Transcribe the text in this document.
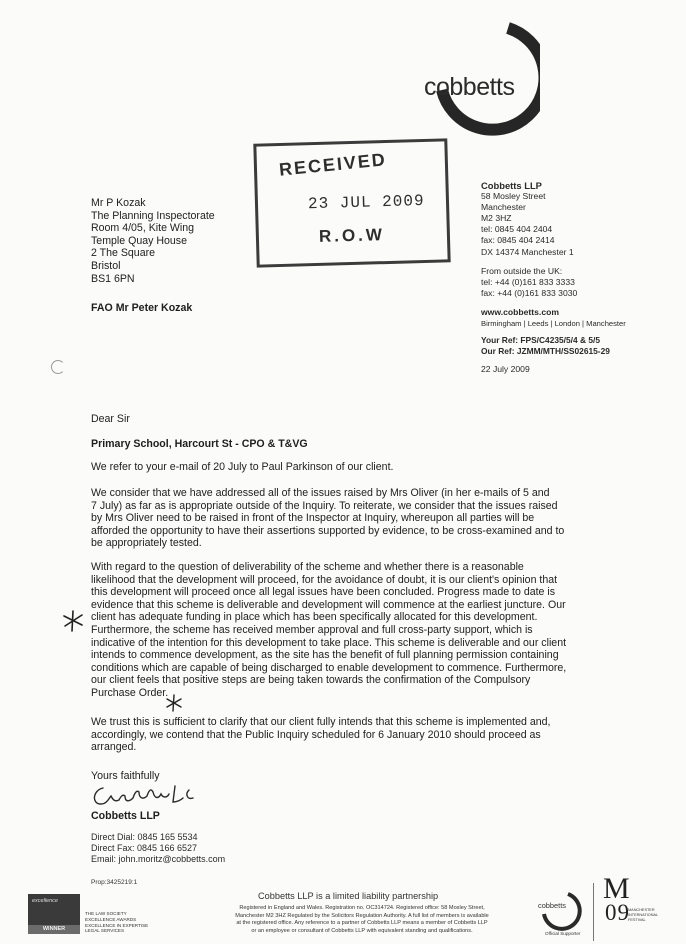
cobbetts
RECEIVED
23 JUL 2009
R.O.W
Mr P Kozak
The Planning Inspectorate
Room 4/05, Kite Wing
Temple Quay House
2 The Square
Bristol
BS1 6PN
FAO Mr Peter Kozak
Cobbetts LLP
58 Mosley Street
Manchester
M2 3HZ
tel: 0845 404 2404
fax: 0845 404 2414
DX 14374 Manchester 1
From outside the UK:
tel: +44 (0)161 833 3333
fax: +44 (0)161 833 3030
www.cobbetts.com
Birmingham | Leeds | London | Manchester
Your Ref: FPS/C4235/5/4 & 5/5
Our Ref: JZMM/MTH/SS02615-29
22 July 2009
Dear Sir
Primary School, Harcourt St - CPO & T&VG
We refer to your e-mail of 20 July to Paul Parkinson of our client.
We consider that we have addressed all of the issues raised by Mrs Oliver (in her e-mails of 5 and
7 July) as far as is appropriate outside of the Inquiry. To reiterate, we consider that the issues raised
by Mrs Oliver need to be raised in front of the Inspector at Inquiry, whereupon all parties will be
afforded the opportunity to have their assertions supported by evidence, to be cross-examined and to
be appropriately tested.
With regard to the question of deliverability of the scheme and whether there is a reasonable
likelihood that the development will proceed, for the avoidance of doubt, it is our client's opinion that
this development will proceed once all legal issues have been concluded. Progress made to date is
evidence that this scheme is deliverable and development will commence at the earliest juncture. Our
client has adequate funding in place which has been specifically allocated for this development.
Furthermore, the scheme has received member approval and full cross-party support, which is
indicative of the intention for this development to take place. This scheme is deliverable and our client
intends to commence development, as the site has the benefit of full planning permission containing
conditions which are capable of being discharged to enable development to commence. Furthermore,
our client feels that positive steps are being taken towards the confirmation of the Compulsory
Purchase Order.
We trust this is sufficient to clarify that our client fully intends that this scheme is implemented and,
accordingly, we contend that the Public Inquiry scheduled for 6 January 2010 should proceed as
arranged.
Yours faithfully
Cobbetts LLP
Direct Dial: 0845 165 5534
Direct Fax: 0845 166 6527
Email: john.moritz@cobbetts.com
Prop:3425219:1
excellence
WINNER
THE LAW SOCIETY
EXCELLENCE AWARDS
EXCELLENCE IN EXPERTISE
LEGAL SERVICES
Cobbetts LLP is a limited liability partnership
Registered in England and Wales. Registration no. OC314724. Registered office: 58 Mosley Street,
Manchester M2 3HZ Regulated by the Solicitors Regulation Authority. A full list of members is available
at the registered office. Any reference to a partner of Cobbetts LLP means a member of Cobbetts LLP
or an employee or consultant of Cobbetts LLP with equivalent standing and qualifications.
cobbetts
Official Supporter
M
09
MANCHESTER INTERNATIONAL FESTIVAL
